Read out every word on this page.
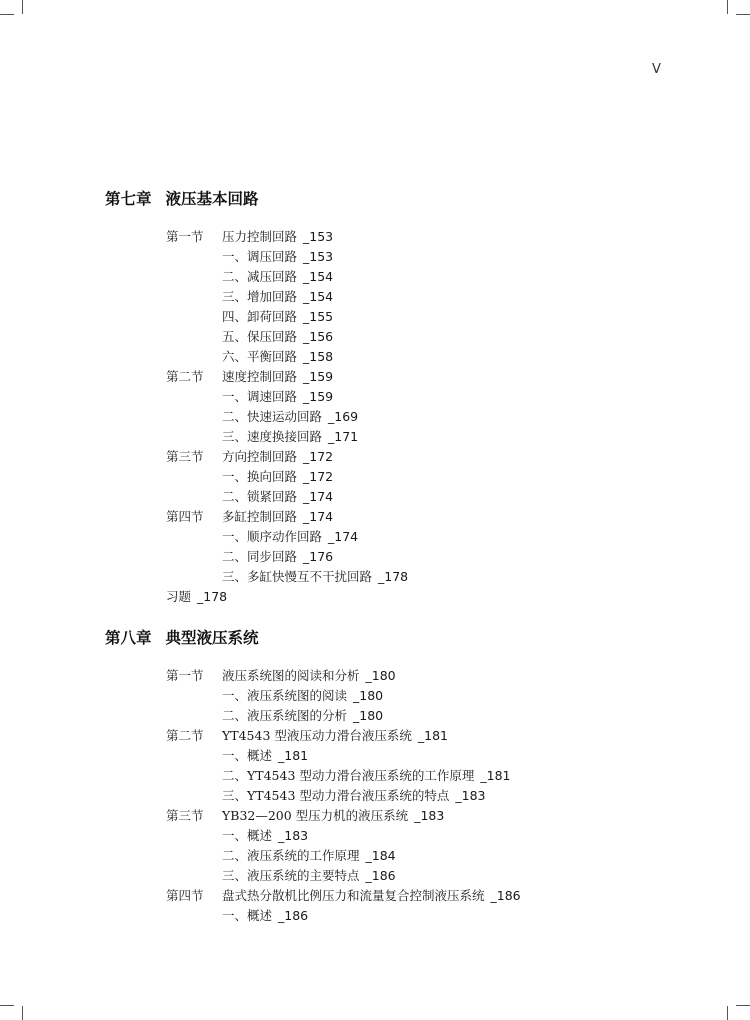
V
第七章 液压基本回路
第一节 压力控制回路 _153
一、调压回路 _153
二、减压回路 _154
三、增加回路 _154
四、卸荷回路 _155
五、保压回路 _156
六、平衡回路 _158
第二节 速度控制回路 _159
一、调速回路 _159
二、快速运动回路 _169
三、速度换接回路 _171
第三节 方向控制回路 _172
一、换向回路 _172
二、锁紧回路 _174
第四节 多缸控制回路 _174
一、顺序动作回路 _174
二、同步回路 _176
三、多缸快慢互不干扰回路 _178
习题 _178
第八章 典型液压系统
第一节 液压系统图的阅读和分析 _180
一、液压系统图的阅读 _180
二、液压系统图的分析 _180
第二节 YT4543 型液压动力滑台液压系统 _181
一、概述 _181
二、YT4543 型动力滑台液压系统的工作原理 _181
三、YT4543 型动力滑台液压系统的特点 _183
第三节 YB32—200 型压力机的液压系统 _183
一、概述 _183
二、液压系统的工作原理 _184
三、液压系统的主要特点 _186
第四节 盘式热分散机比例压力和流量复合控制液压系统 _186
一、概述 _186
